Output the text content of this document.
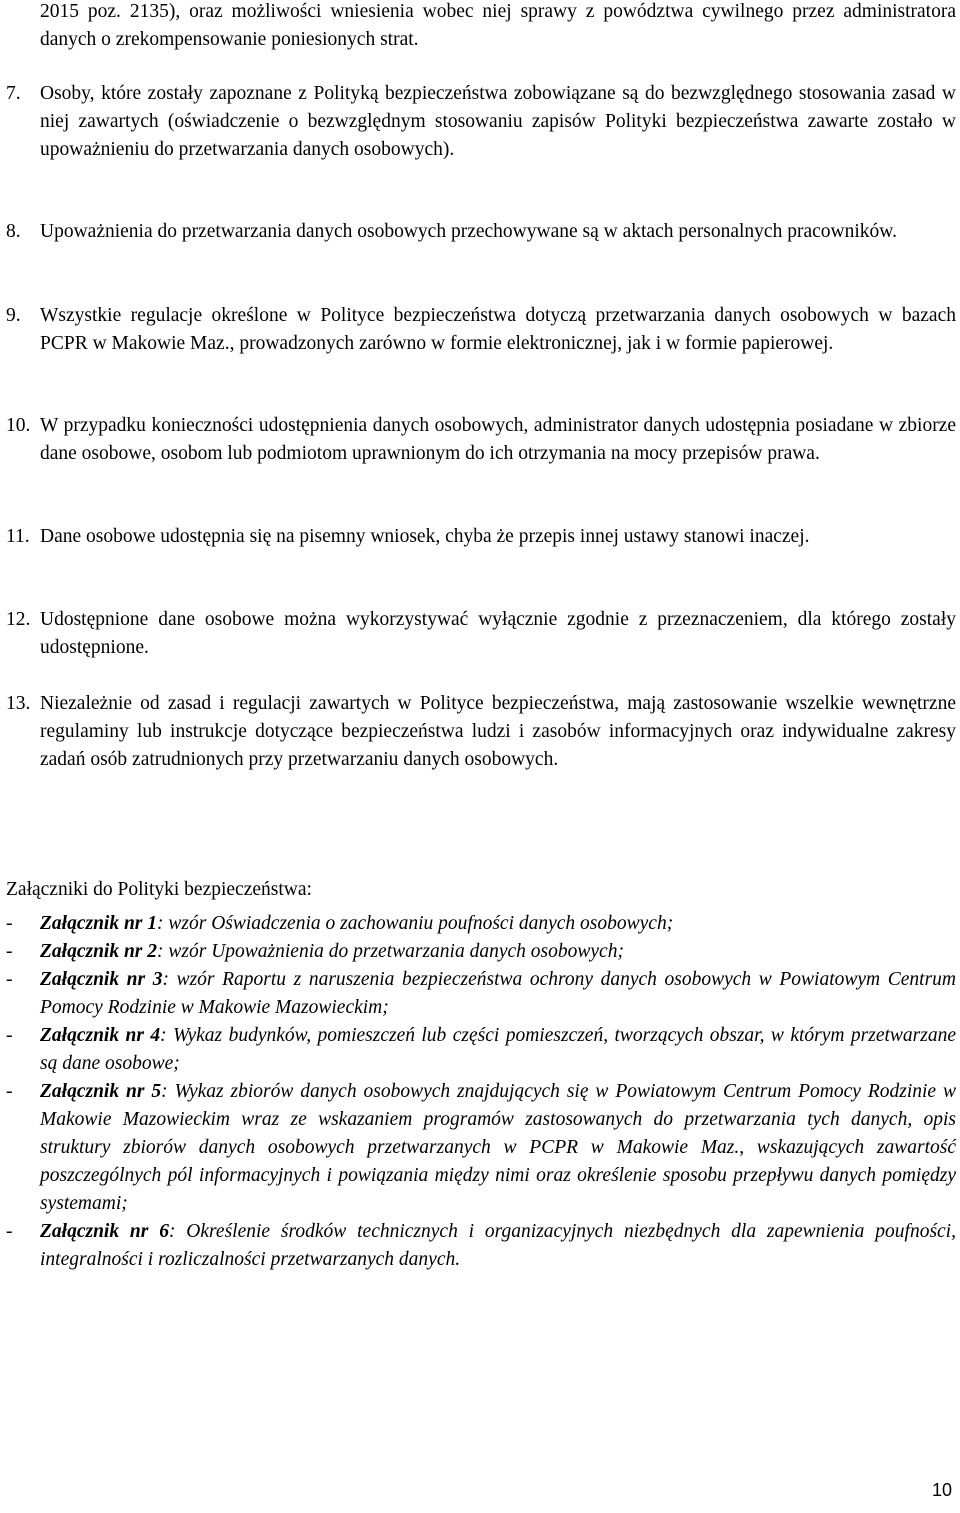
2015 poz. 2135), oraz możliwości wniesienia wobec niej sprawy z powództwa cywilnego przez administratora danych o zrekompensowanie poniesionych strat.
7. Osoby, które zostały zapoznane z Polityką bezpieczeństwa zobowiązane są do bezwzględnego stosowania zasad w niej zawartych (oświadczenie o bezwzględnym stosowaniu zapisów Polityki bezpieczeństwa zawarte zostało w upoważnieniu do przetwarzania danych osobowych).
8. Upoważnienia do przetwarzania danych osobowych przechowywane są w aktach personalnych pracowników.
9. Wszystkie regulacje określone w Polityce bezpieczeństwa dotyczą przetwarzania danych osobowych w bazach PCPR w Makowie Maz., prowadzonych zarówno w formie elektronicznej, jak i w formie papierowej.
10. W przypadku konieczności udostępnienia danych osobowych, administrator danych udostępnia posiadane w zbiorze dane osobowe, osobom lub podmiotom uprawnionym do ich otrzymania na mocy przepisów prawa.
11. Dane osobowe udostępnia się na pisemny wniosek, chyba że przepis innej ustawy stanowi inaczej.
12. Udostępnione dane osobowe można wykorzystywać wyłącznie zgodnie z przeznaczeniem, dla którego zostały udostępnione.
13. Niezależnie od zasad i regulacji zawartych w Polityce bezpieczeństwa, mają zastosowanie wszelkie wewnętrzne regulaminy lub instrukcje dotyczące bezpieczeństwa ludzi i zasobów informacyjnych oraz indywidualne zakresy zadań osób zatrudnionych przy przetwarzaniu danych osobowych.
Załączniki do Polityki bezpieczeństwa:
- Załącznik nr 1: wzór Oświadczenia o zachowaniu poufności danych osobowych;
- Załącznik nr 2: wzór Upoważnienia do przetwarzania danych osobowych;
- Załącznik nr 3: wzór Raportu z naruszenia bezpieczeństwa ochrony danych osobowych w Powiatowym Centrum Pomocy Rodzinie w Makowie Mazowieckim;
- Załącznik nr 4: Wykaz budynków, pomieszczeń lub części pomieszczeń, tworzących obszar, w którym przetwarzane są dane osobowe;
- Załącznik nr 5: Wykaz zbiorów danych osobowych znajdujących się w Powiatowym Centrum Pomocy Rodzinie w Makowie Mazowieckim wraz ze wskazaniem programów zastosowanych do przetwarzania tych danych, opis struktury zbiorów danych osobowych przetwarzanych w PCPR w Makowie Maz., wskazujących zawartość poszczególnych pól informacyjnych i powiązania między nimi oraz określenie sposobu przepływu danych pomiędzy systemami;
- Załącznik nr 6: Określenie środków technicznych i organizacyjnych niezbędnych dla zapewnienia poufności, integralności i rozliczalności przetwarzanych danych.
10
